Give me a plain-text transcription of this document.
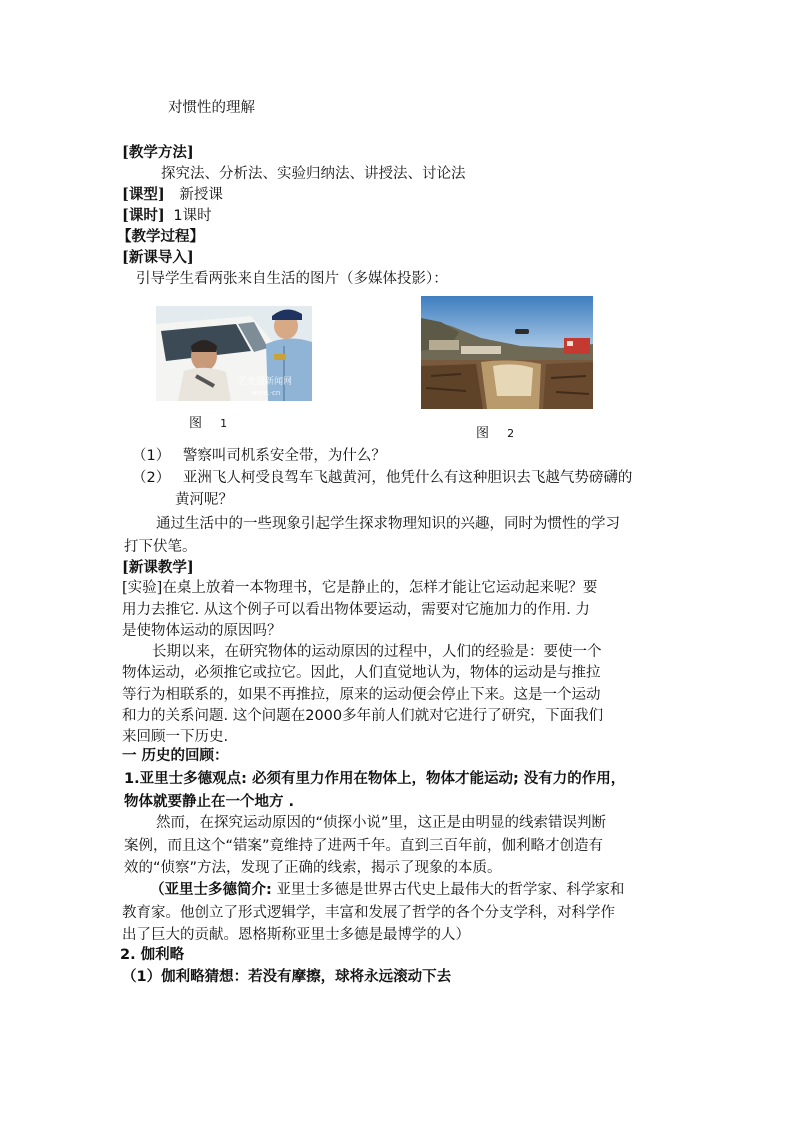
对惯性的理解
[教学方法]
探究法、分析法、实验归纳法、讲授法、讨论法
[课型] 新授课
[课时] 1课时
【教学过程】
[新课导入]
引导学生看两张来自生活的图片（多媒体投影）：
艺龙原新闻网
www.·cn
图 1
图 2
（1） 警察叫司机系安全带，为什么？
（2） 亚洲飞人柯受良驾车飞越黄河，他凭什么有这种胆识去飞越气势磅礴的
黄河呢？
通过生活中的一些现象引起学生探求物理知识的兴趣，同时为惯性的学习
打下伏笔。
[新课教学]
[实验]在桌上放着一本物理书，它是静止的，怎样才能让它运动起来呢？要
用力去推它. 从这个例子可以看出物体要运动，需要对它施加力的作用. 力
是使物体运动的原因吗？
长期以来，在研究物体的运动原因的过程中，人们的经验是：要使一个
物体运动，必须推它或拉它。因此，人们直觉地认为，物体的运动是与推拉
等行为相联系的，如果不再推拉，原来的运动便会停止下来。这是一个运动
和力的关系问题. 这个问题在2000多年前人们就对它进行了研究，下面我们
来回顾一下历史.
一 历史的回顾：
1.亚里士多德观点: 必须有里力作用在物体上，物体才能运动; 没有力的作用，
物体就要静止在一个地方 .
然而，在探究运动原因的“侦探小说”里，这正是由明显的线索错误判断
案例，而且这个“错案”竟维持了进两千年。直到三百年前，伽利略才创造有
效的“侦察”方法，发现了正确的线索，揭示了现象的本质。
（亚里士多德简介: 亚里士多德是世界古代史上最伟大的哲学家、科学家和
教育家。他创立了形式逻辑学，丰富和发展了哲学的各个分支学科，对科学作
出了巨大的贡献。恩格斯称亚里士多德是最博学的人）
2. 伽利略
（1）伽利略猜想：若没有摩擦，球将永远滚动下去
